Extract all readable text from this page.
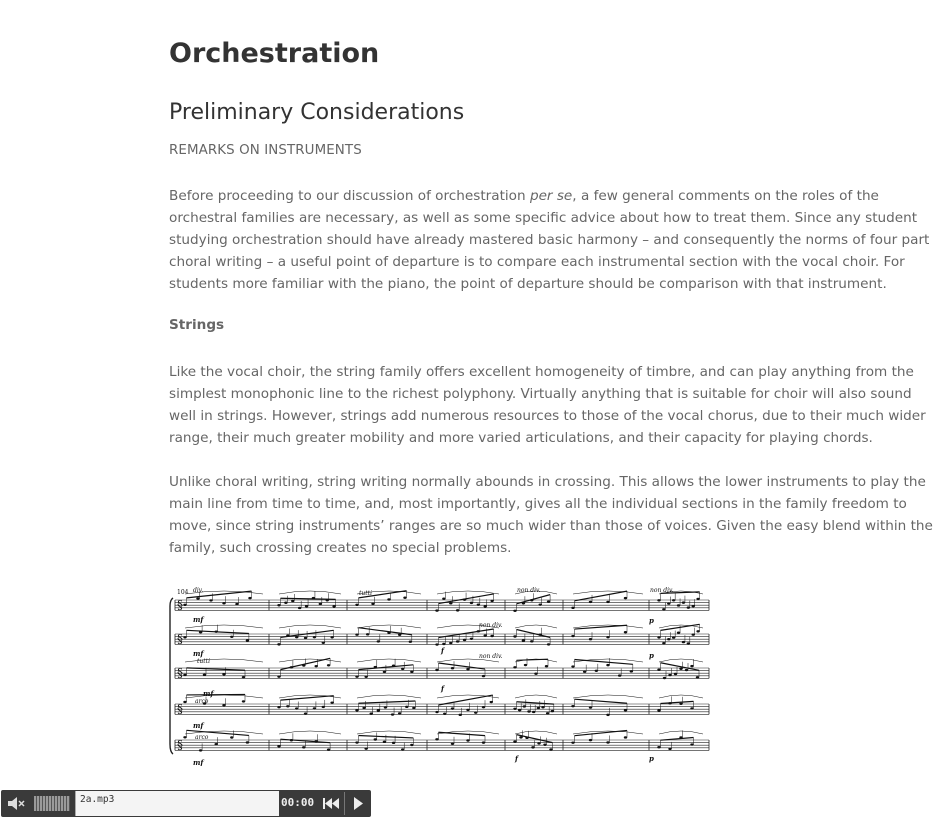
Orchestration
Preliminary Considerations

REMARKS ON INSTRUMENTS

Before proceeding to our discussion of orchestration per se, a few general comments on the roles of the orchestral families are necessary, as well as some specific advice about how to treat them. Since any student studying orchestration should have already mastered basic harmony – and consequently the norms of four part choral writing – a useful point of departure is to compare each instrumental section with the vocal choir. For students more familiar with the piano, the point of departure should be comparison with that instrument.

Strings

Like the vocal choir, the string family offers excellent homogeneity of timbre, and can play anything from the simplest monophonic line to the richest polyphony. Virtually anything that is suitable for choir will also sound well in strings. However, strings add numerous resources to those of the vocal chorus, due to their much wider range, their much greater mobility and more varied articulations, and their capacity for playing chords.

Unlike choral writing, string writing normally abounds in crossing. This allows the lower instruments to play the main line from time to time, and, most importantly, gives all the individual sections in the family freedom to move, since string instruments’ ranges are so much wider than those of voices. Given the easy blend within the family, such crossing creates no special problems.

§
§
§
§
§
104 div.	tutti	non div.
non div.
non div.
non div.
tutti
arco
arco
mf
mf
mf
mf
mf
f
f
f
p
p
p
2a.mp3	00:00
